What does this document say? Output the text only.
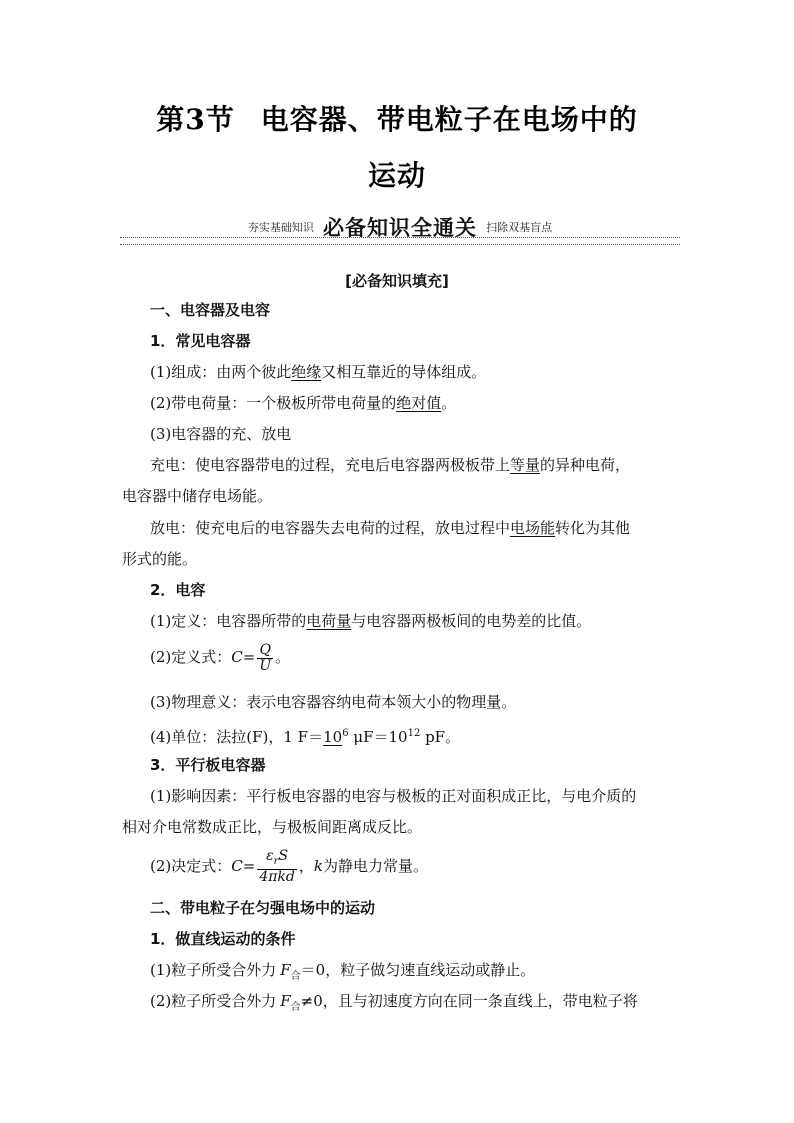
第3节 电容器、带电粒子在电场中的
运动
夯实基础知识 必备知识全通关 扫除双基盲点
[必备知识填充]
一、电容器及电容
1．常见电容器
(1)组成：由两个彼此绝缘又相互靠近的导体组成。
(2)带电荷量：一个极板所带电荷量的绝对值。
(3)电容器的充、放电
充电：使电容器带电的过程，充电后电容器两极板带上等量的异种电荷，
电容器中储存电场能。
放电：使充电后的电容器失去电荷的过程，放电过程中电场能转化为其他
形式的能。
2．电容
(1)定义：电容器所带的电荷量与电容器两极板间的电势差的比值。
(2)定义式：$C= \frac{Q}{U}$ 。
(3)物理意义：表示电容器容纳电荷本领大小的物理量。
(4)单位：法拉(F)，1 $F=10^6$ $\mu F=10^{12}$ pF。
3．平行板电容器
(1)影响因素：平行板电容器的电容与极板的正对面积成正比，与电介质的
相对介电常数成正比，与极板间距离成反比。
(2)决定式：$C= \frac{\varepsilon_rS}{\text{4πkd}}$ ，k为静电力常量。
二、带电粒子在匀强电场中的运动
1．做直线运动的条件
(1)粒子所受合外力 $F_合=0$，粒子做匀速直线运动或静止。
(2)粒子所受合外力 $F_合\ne 0$，且与初速度方向在同一条直线上，带电粒子将
